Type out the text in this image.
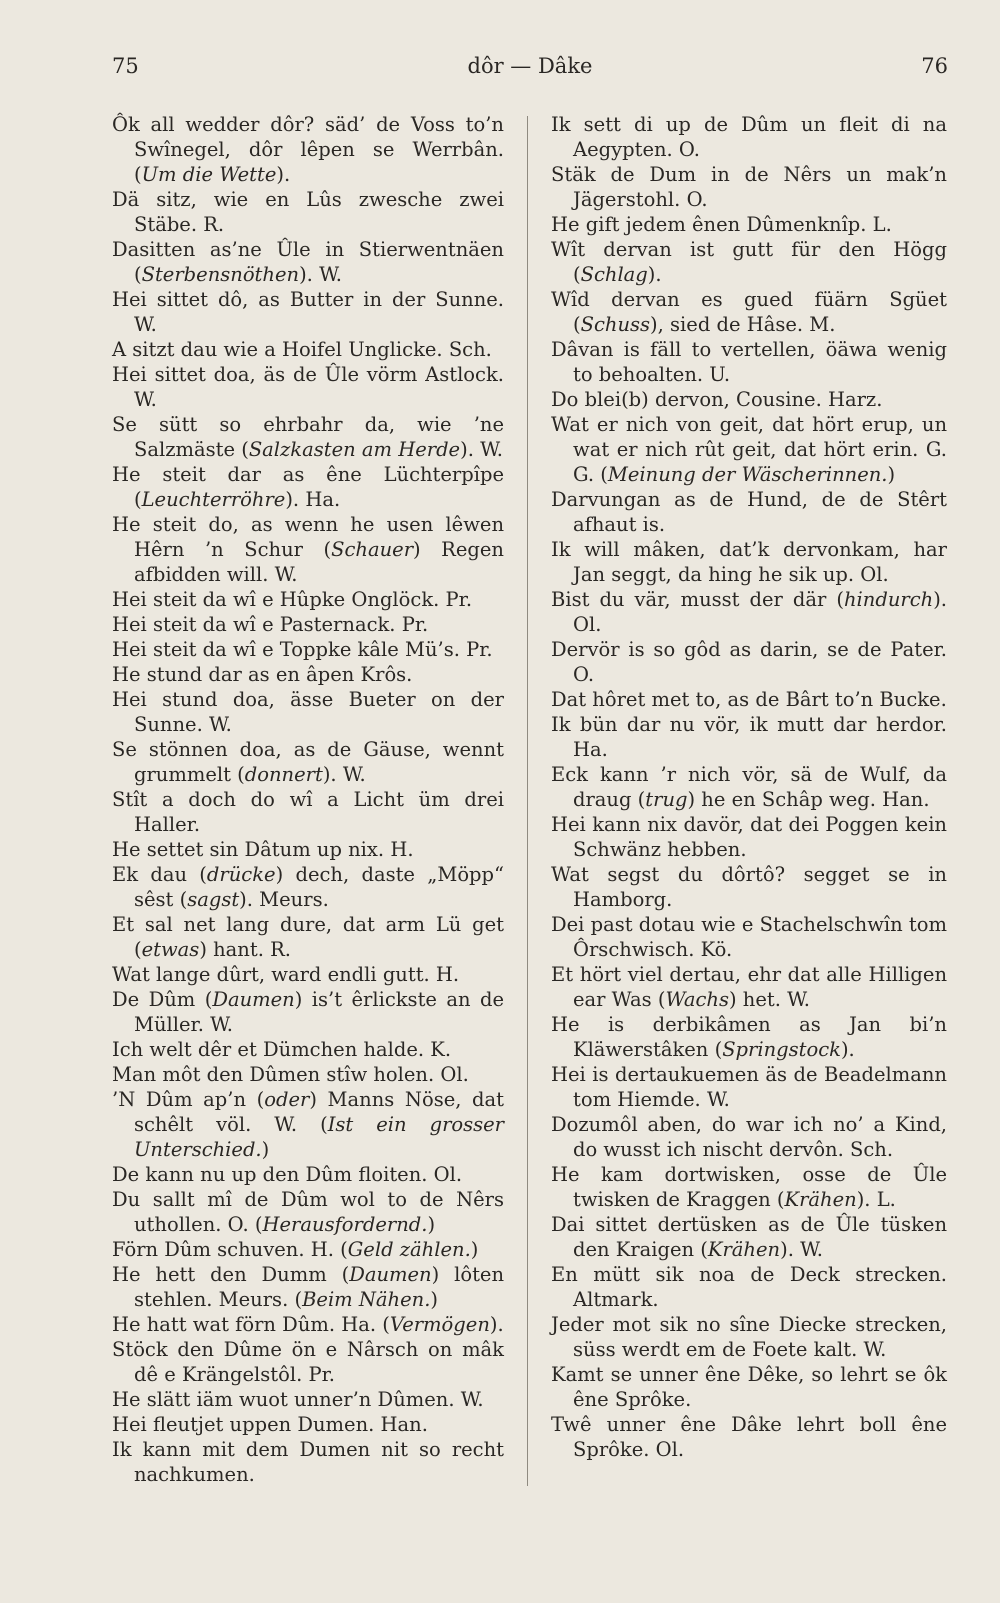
75	dôr — Dâke	76

Ôk all wedder dôr? säd’ de Voss to’n Swînegel, dôr lêpen se Werrbân. (Um die Wette).

Dä sitz, wie en Lûs zwesche zwei Stäbe. R.

Dasitten as’ne Ûle in Stierwentnäen (Sterbensnöthen). W.

Hei sittet dô, as Butter in der Sunne. W.

A sitzt dau wie a Hoifel Unglicke. Sch.

Hei sittet doa, äs de Ûle vörm Astlock. W.

Se sütt so ehrbahr da, wie ’ne Salzmäste (Salzkasten am Herde). W.

He steit dar as êne Lüchterpîpe (Leuchterröhre). Ha.

He steit do, as wenn he usen lêwen Hêrn ’n Schur (Schauer) Regen afbidden will. W.

Hei steit da wî e Hûpke Onglöck. Pr.

Hei steit da wî e Pasternack. Pr.

Hei steit da wî e Toppke kâle Mü’s. Pr.

He stund dar as en âpen Krôs.

Hei stund doa, ässe Bueter on der Sunne. W.

Se stönnen doa, as de Gäuse, wennt grummelt (donnert). W.

Stît a doch do wî a Licht üm drei Haller.

He settet sin Dâtum up nix. H.

Ek dau (drücke) dech, daste „Möpp“ sêst (sagst). Meurs.

Et sal net lang dure, dat arm Lü get (etwas) hant. R.

Wat lange dûrt, ward endli gutt. H.

De Dûm (Daumen) is’t êrlickste an de Müller. W.

Ich welt dêr et Dümchen halde. K.

Man môt den Dûmen stîw holen. Ol.

’N Dûm ap’n (oder) Manns Nöse, dat schêlt völ. W. (Ist ein grosser Unterschied.)

De kann nu up den Dûm floiten. Ol.

Du sallt mî de Dûm wol to de Nêrs uthollen. O. (Herausfordernd.)

Förn Dûm schuven. H. (Geld zählen.)

He hett den Dumm (Daumen) lôten stehlen. Meurs. (Beim Nähen.)

He hatt wat förn Dûm. Ha. (Vermögen).

Stöck den Dûme ön e Nârsch on mâk dê e Krängelstôl. Pr.

He slätt iäm wuot unner’n Dûmen. W.

Hei fleutjet uppen Dumen. Han.

Ik kann mit dem Dumen nit so recht nachkumen.

Ik sett di up de Dûm un fleit di na Aegypten. O.

Stäk de Dum in de Nêrs un mak’n Jägerstohl. O.

He gift jedem ênen Dûmenknîp. L.

Wît dervan ist gutt für den Högg (Schlag).

Wîd dervan es gued füärn Sgüet (Schuss), sied de Hâse. M.

Dâvan is fäll to vertellen, öäwa wenig to behoalten. U.

Do blei(b) dervon, Cousine. Harz.

Wat er nich von geit, dat hört erup, un wat er nich rût geit, dat hört erin. G. G. (Meinung der Wäscherinnen.)

Darvungan as de Hund, de de Stêrt afhaut is.

Ik will mâken, dat’k dervonkam, har Jan seggt, da hing he sik up. Ol.

Bist du vär, musst der där (hindurch). Ol.

Dervör is so gôd as darin, se de Pater. O.

Dat hôret met to, as de Bârt to’n Bucke.

Ik bün dar nu vör, ik mutt dar herdor. Ha.

Eck kann ’r nich vör, sä de Wulf, da draug (trug) he en Schâp weg. Han.

Hei kann nix davör, dat dei Poggen kein Schwänz hebben.

Wat segst du dôrtô? segget se in Hamborg.

Dei past dotau wie e Stachelschwîn tom Ôrschwisch. Kö.

Et hört viel dertau, ehr dat alle Hilligen ear Was (Wachs) het. W.

He is derbikâmen as Jan bi’n Kläwerstâken (Springstock).

Hei is dertaukuemen äs de Beadelmann tom Hiemde. W.

Dozumôl aben, do war ich no’ a Kind, do wusst ich nischt dervôn. Sch.

He kam dortwisken, osse de Ûle twisken de Kraggen (Krähen). L.

Dai sittet dertüsken as de Ûle tüsken den Kraigen (Krähen). W.

En mütt sik noa de Deck strecken. Altmark.

Jeder mot sik no sîne Diecke strecken, süss werdt em de Foete kalt. W.

Kamt se unner êne Dêke, so lehrt se ôk êne Sprôke.

Twê unner êne Dâke lehrt boll êne Sprôke. Ol.
